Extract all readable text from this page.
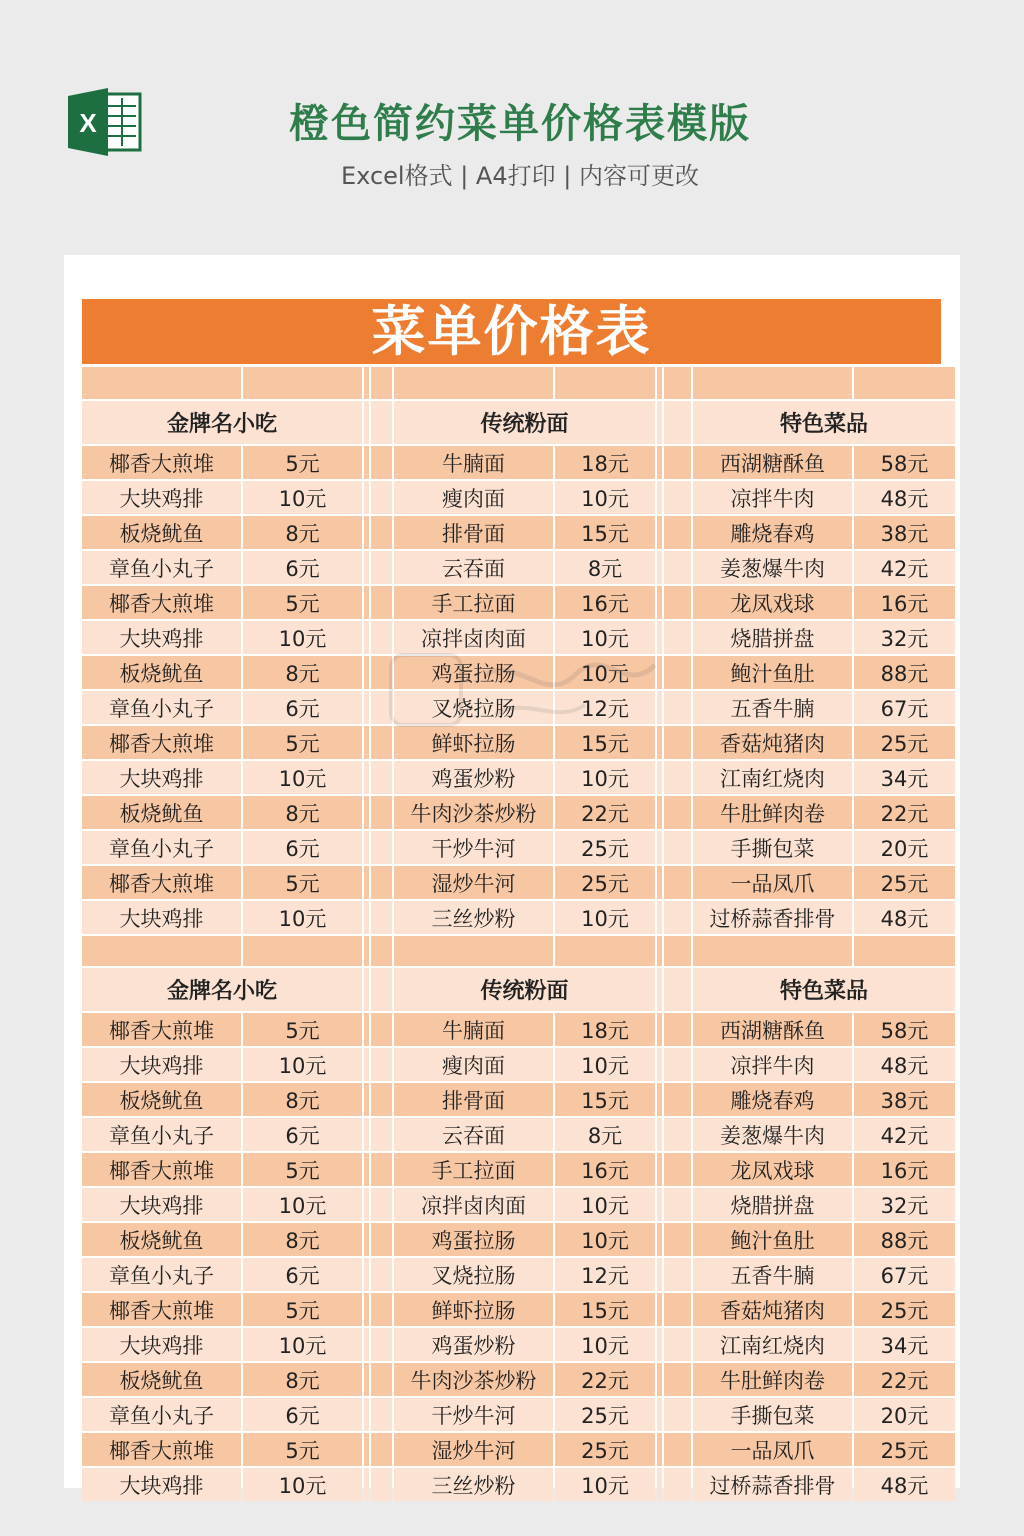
X	橙色简约菜单价格表模版
Excel格式 | A4打印 | 内容可更改
菜单价格表
金牌名小吃	传统粉面	特色菜品
椰香大煎堆	5元	牛腩面	18元	西湖糖酥鱼	58元
大块鸡排	10元	瘦肉面	10元	凉拌牛肉	48元
板烧鱿鱼	8元	排骨面	15元	雕烧春鸡	38元
章鱼小丸子	6元	云吞面	8元	姜葱爆牛肉	42元
椰香大煎堆	5元	手工拉面	16元	龙凤戏球	16元
大块鸡排	10元	凉拌卤肉面	10元	烧腊拼盘	32元
板烧鱿鱼	8元	鸡蛋拉肠	10元	鲍汁鱼肚	88元
章鱼小丸子	6元	叉烧拉肠	12元	五香牛腩	67元
椰香大煎堆	5元	鲜虾拉肠	15元	香菇炖猪肉	25元
大块鸡排	10元	鸡蛋炒粉	10元	江南红烧肉	34元
板烧鱿鱼	8元	牛肉沙茶炒粉	22元	牛肚鲜肉卷	22元
章鱼小丸子	6元	干炒牛河	25元	手撕包菜	20元
椰香大煎堆	5元	湿炒牛河	25元	一品凤爪	25元
大块鸡排	10元	三丝炒粉	10元	过桥蒜香排骨	48元
金牌名小吃	传统粉面	特色菜品
椰香大煎堆	5元	牛腩面	18元	西湖糖酥鱼	58元
大块鸡排	10元	瘦肉面	10元	凉拌牛肉	48元
板烧鱿鱼	8元	排骨面	15元	雕烧春鸡	38元
章鱼小丸子	6元	云吞面	8元	姜葱爆牛肉	42元
椰香大煎堆	5元	手工拉面	16元	龙凤戏球	16元
大块鸡排	10元	凉拌卤肉面	10元	烧腊拼盘	32元
板烧鱿鱼	8元	鸡蛋拉肠	10元	鲍汁鱼肚	88元
章鱼小丸子	6元	叉烧拉肠	12元	五香牛腩	67元
椰香大煎堆	5元	鲜虾拉肠	15元	香菇炖猪肉	25元
大块鸡排	10元	鸡蛋炒粉	10元	江南红烧肉	34元
板烧鱿鱼	8元	牛肉沙茶炒粉	22元	牛肚鲜肉卷	22元
章鱼小丸子	6元	干炒牛河	25元	手撕包菜	20元
椰香大煎堆	5元	湿炒牛河	25元	一品凤爪	25元
大块鸡排	10元	三丝炒粉	10元	过桥蒜香排骨	48元
